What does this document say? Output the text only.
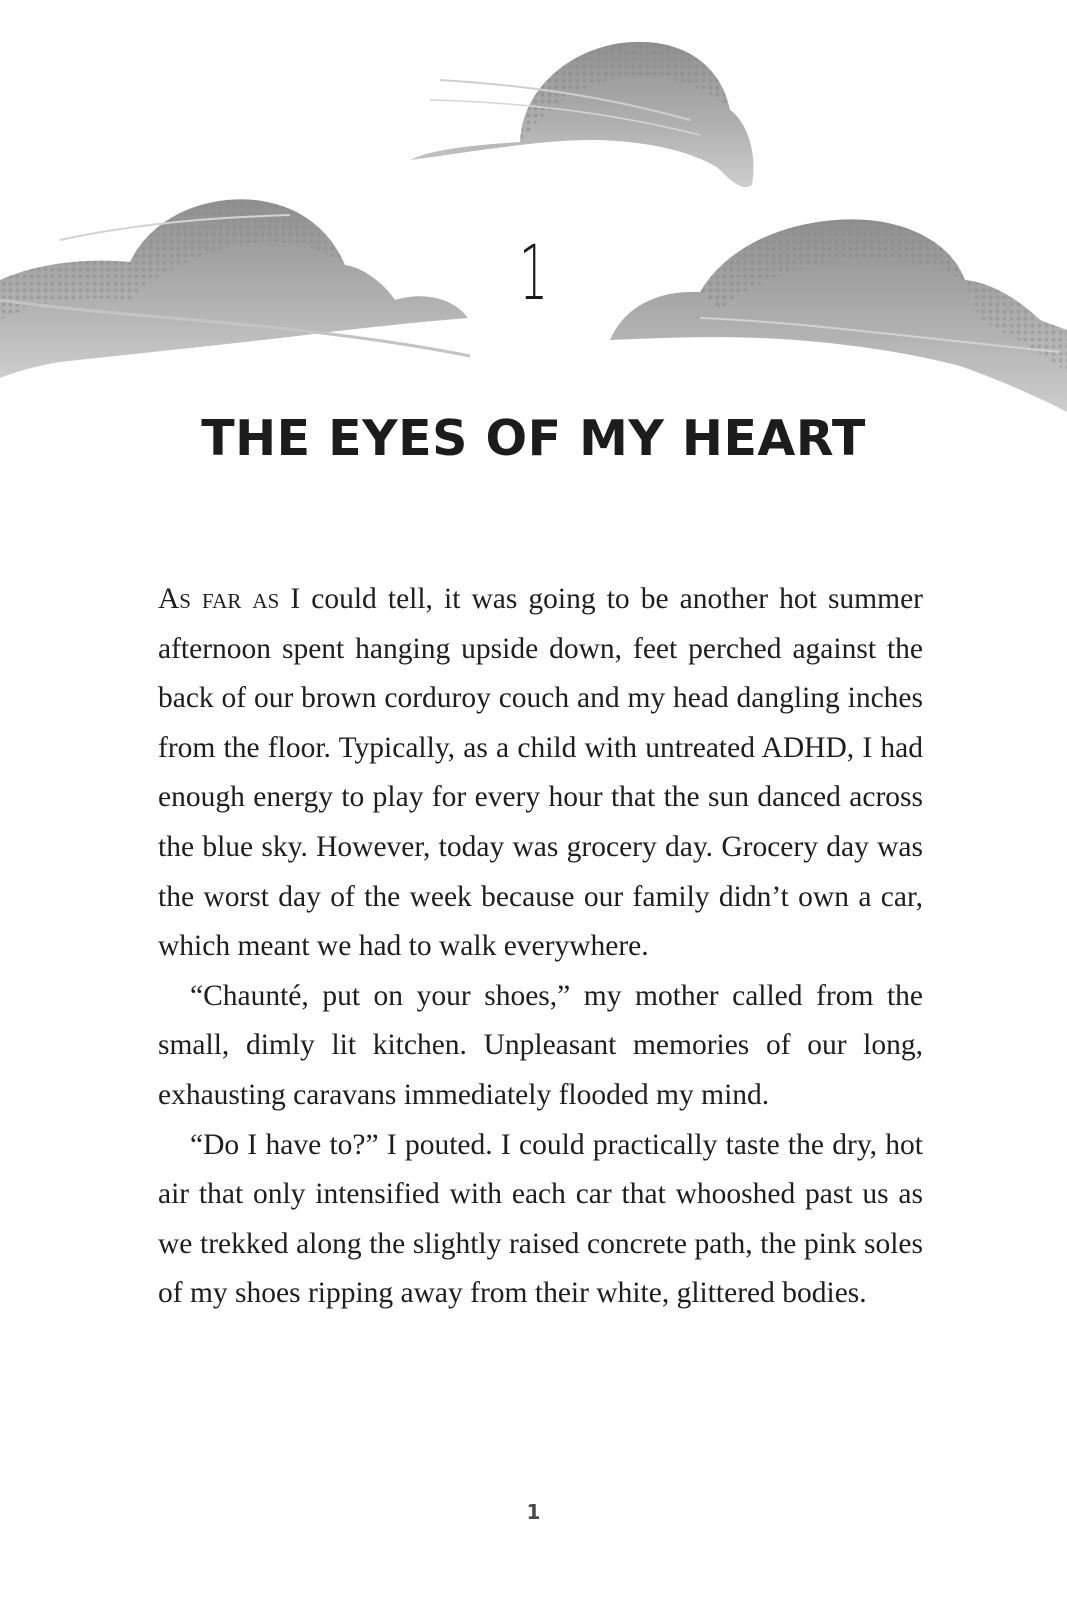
1
THE EYES OF MY HEART

As far as I could tell, it was going to be another hot summer afternoon spent hanging upside down, feet perched against the back of our brown corduroy couch and my head dangling inches from the floor. Typically, as a child with untreated ADHD, I had enough energy to play for every hour that the sun danced across the blue sky. However, today was grocery day. Grocery day was the worst day of the week because our family didn’t own a car, which meant we had to walk everywhere.

“Chaunté, put on your shoes,” my mother called from the small, dimly lit kitchen. Unpleasant memories of our long, exhausting caravans immediately flooded my mind.

“Do I have to?” I pouted. I could practically taste the dry, hot air that only intensified with each car that whooshed past us as we trekked along the slightly raised concrete path, the pink soles of my shoes ripping away from their white, glittered bodies.

1
